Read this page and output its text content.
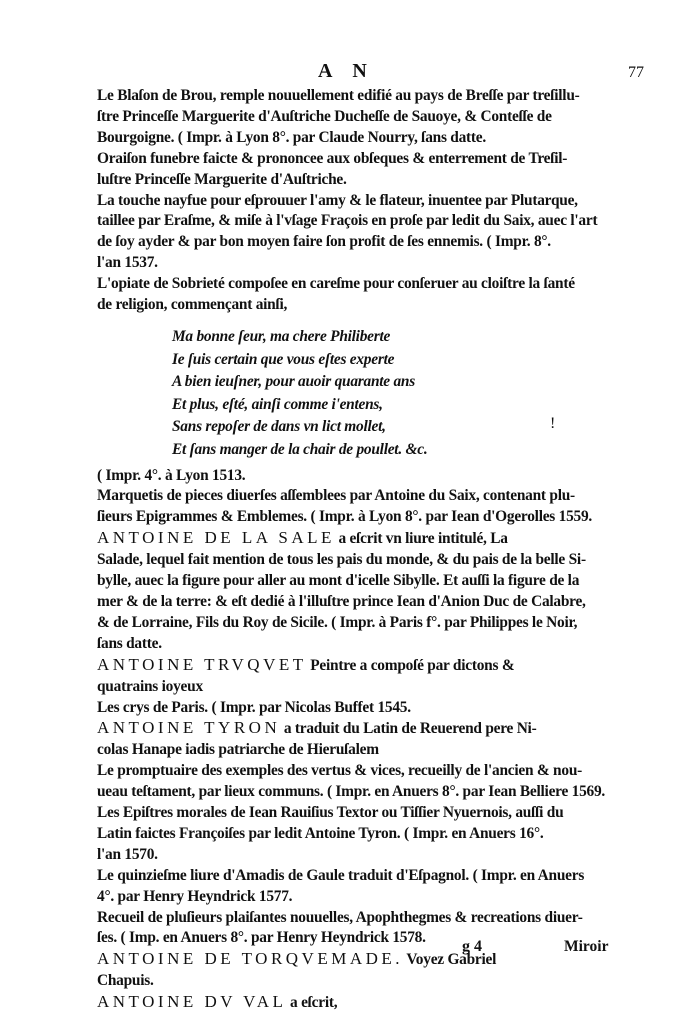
A N	77

Le Blaſon de Brou, remple nouuellement edifié au pays de Breſſe par treſillu-

ſtre Princeſſe Marguerite d'Auſtriche Ducheſſe de Sauoye, & Conteſſe de

Bourgoigne. ( Impr. à Lyon 8°. par Claude Nourry, ſans datte.

Oraiſon funebre faicte & prononcee aux obſeques & enterrement de Treſil-

luſtre Princeſſe Marguerite d'Auſtriche.

La touche nayfue pour eſprouuer l'amy & le flateur, inuentee par Plutarque,

taillee par Eraſme, & miſe à l'vſage Fraçois en proſe par ledit du Saix, auec l'art

de ſoy ayder & par bon moyen faire ſon profit de ſes ennemis. ( Impr. 8°.

l'an 1537.

L'opiate de Sobrieté compoſee en careſme pour conſeruer au cloiſtre la ſanté

de religion, commençant ainſi,

Ma bonne ſeur, ma chere Philiberte
Ie ſuis certain que vous eſtes experte
A bien ieuſner, pour auoir quarante ans
Et plus, eſté, ainſi comme i'entens,
Sans repoſer de dans vn lict mollet,
Et ſans manger de la chair de poullet. &c.

( Impr. 4°. à Lyon 1513.

Marquetis de pieces diuerſes aſſemblees par Antoine du Saix, contenant plu-

ſieurs Epigrammes & Emblemes. ( Impr. à Lyon 8°. par Iean d'Ogerolles 1559.

ANTOINE DE LA SALE a eſcrit vn liure intitulé, La

Salade, lequel fait mention de tous les pais du monde, & du pais de la belle Si-

bylle, auec la figure pour aller au mont d'icelle Sibylle. Et auſſi la figure de la

mer & de la terre: & eſt dedié à l'illuſtre prince Iean d'Anion Duc de Calabre,

& de Lorraine, Fils du Roy de Sicile. ( Impr. à Paris f°. par Philippes le Noir,

ſans datte.

ANTOINE TRVQVET Peintre a compoſé par dictons &

quatrains ioyeux

Les crys de Paris. ( Impr. par Nicolas Buffet 1545.

ANTOINE TYRON a traduit du Latin de Reuerend pere Ni-

colas Hanape iadis patriarche de Hieruſalem

Le promptuaire des exemples des vertus & vices, recueilly de l'ancien & nou-

ueau teſtament, par lieux communs. ( Impr. en Anuers 8°. par Iean Belliere 1569.

Les Epiſtres morales de Iean Rauiſius Textor ou Tiſſier Nyuernois, auſſi du

Latin faictes Françoiſes par ledit Antoine Tyron. ( Impr. en Anuers 16°.

l'an 1570.

Le quinzieſme liure d'Amadis de Gaule traduit d'Eſpagnol. ( Impr. en Anuers

4°. par Henry Heyndrick 1577.

Recueil de pluſieurs plaiſantes nouuelles, Apophthegmes & recreations diuer-

ſes. ( Imp. en Anuers 8°. par Henry Heyndrick 1578.

ANTOINE DE TORQVEMADE. Voyez Gabriel

Chapuis.

ANTOINE DV VAL a eſcrit,

!
g 4	Miroir
